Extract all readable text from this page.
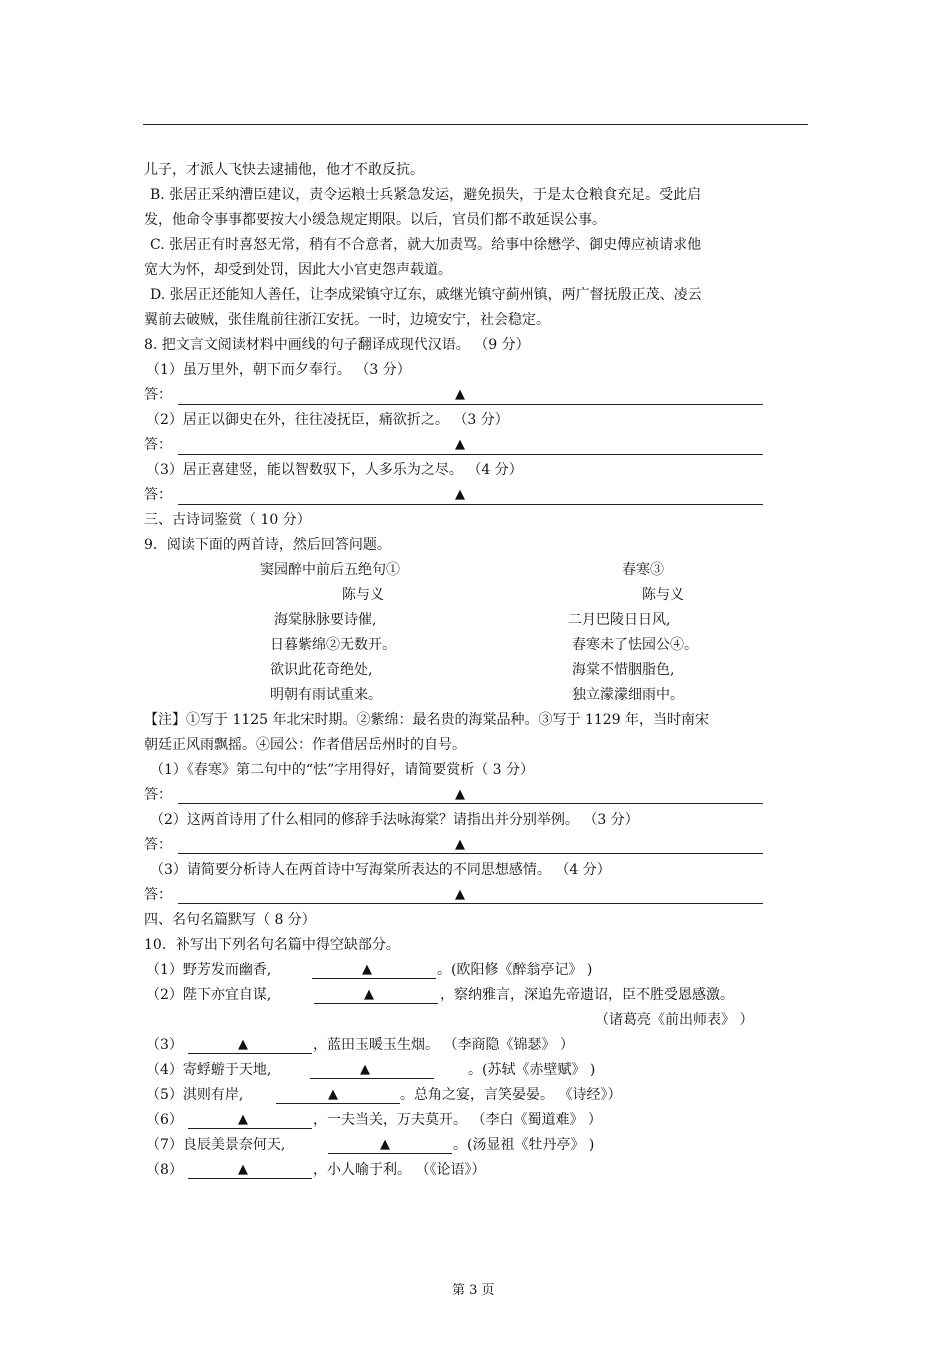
儿子，才派人飞快去逮捕他，他才不敢反抗。
B. 张居正采纳漕臣建议，责令运粮士兵紧急发运，避免损失，于是太仓粮食充足。受此启
发，他命令事事都要按大小缓急规定期限。以后，官员们都不敢延误公事。
C. 张居正有时喜怒无常，稍有不合意者，就大加责骂。给事中徐懋学、御史傅应祯请求他
宽大为怀，却受到处罚，因此大小官吏怨声载道。
D. 张居正还能知人善任，让李成梁镇守辽东，戚继光镇守蓟州镇，两广督抚殷正茂、凌云
翼前去破贼，张佳胤前往浙江安抚。一时，边境安宁，社会稳定。
8. 把文言文阅读材料中画线的句子翻译成现代汉语。 （9 分）
（1）虽万里外，朝下而夕奉行。 （3 分）
答：	▲
（2）居正以御史在外，往往凌抚臣，痛欲折之。 （3 分）
答：	▲
（3）居正喜建竖，能以智数驭下，人多乐为之尽。 （4 分）
答：	▲
三、古诗词鉴赏（ 10 分）
9．阅读下面的两首诗，然后回答问题。
窦园醉中前后五绝句①
陈与义
海棠脉脉要诗催,
日暮紫绵②无数开。
欲识此花奇绝处,
明朝有雨试重来。
春寒③
陈与义
二月巴陵日日风,
春寒未了怯园公④。
海棠不惜胭脂色,
独立濛濛细雨中。
【注】①写于 1125 年北宋时期。②紫绵：最名贵的海棠品种。③写于 1129 年，当时南宋
朝廷正风雨飘摇。④园公：作者借居岳州时的自号。
（1）《春寒》第二句中的“怯”字用得好，请简要赏析（ 3 分）
答：	▲
（2）这两首诗用了什么相同的修辞手法咏海棠？请指出并分别举例。 （3 分）
答：	▲
（3）请简要分析诗人在两首诗中写海棠所表达的不同思想感情。 （4 分）
答：	▲
四、名句名篇默写（ 8 分）
10．补写出下列名句名篇中得空缺部分。
（1）野芳发而幽香,	▲	。(欧阳修《醉翁亭记》 )
（2）陛下亦宜自谋,	▲	，察纳雅言，深追先帝遗诏，臣不胜受恩感激。
（诸葛亮《前出师表》 ）
（3）	▲	，蓝田玉暖玉生烟。 （李商隐《锦瑟》 ）
（4）寄蜉蝣于天地,	▲	。(苏轼《赤壁赋》 )
（5）淇则有岸,	▲	。总角之宴，言笑晏晏。 《诗经》）
（6）	▲	，一夫当关，万夫莫开。 （李白《蜀道难》 ）
（7）良辰美景奈何天,	▲	。(汤显祖《牡丹亭》 )
（8）	▲	，小人喻于利。 （《论语》）
第 3 页
